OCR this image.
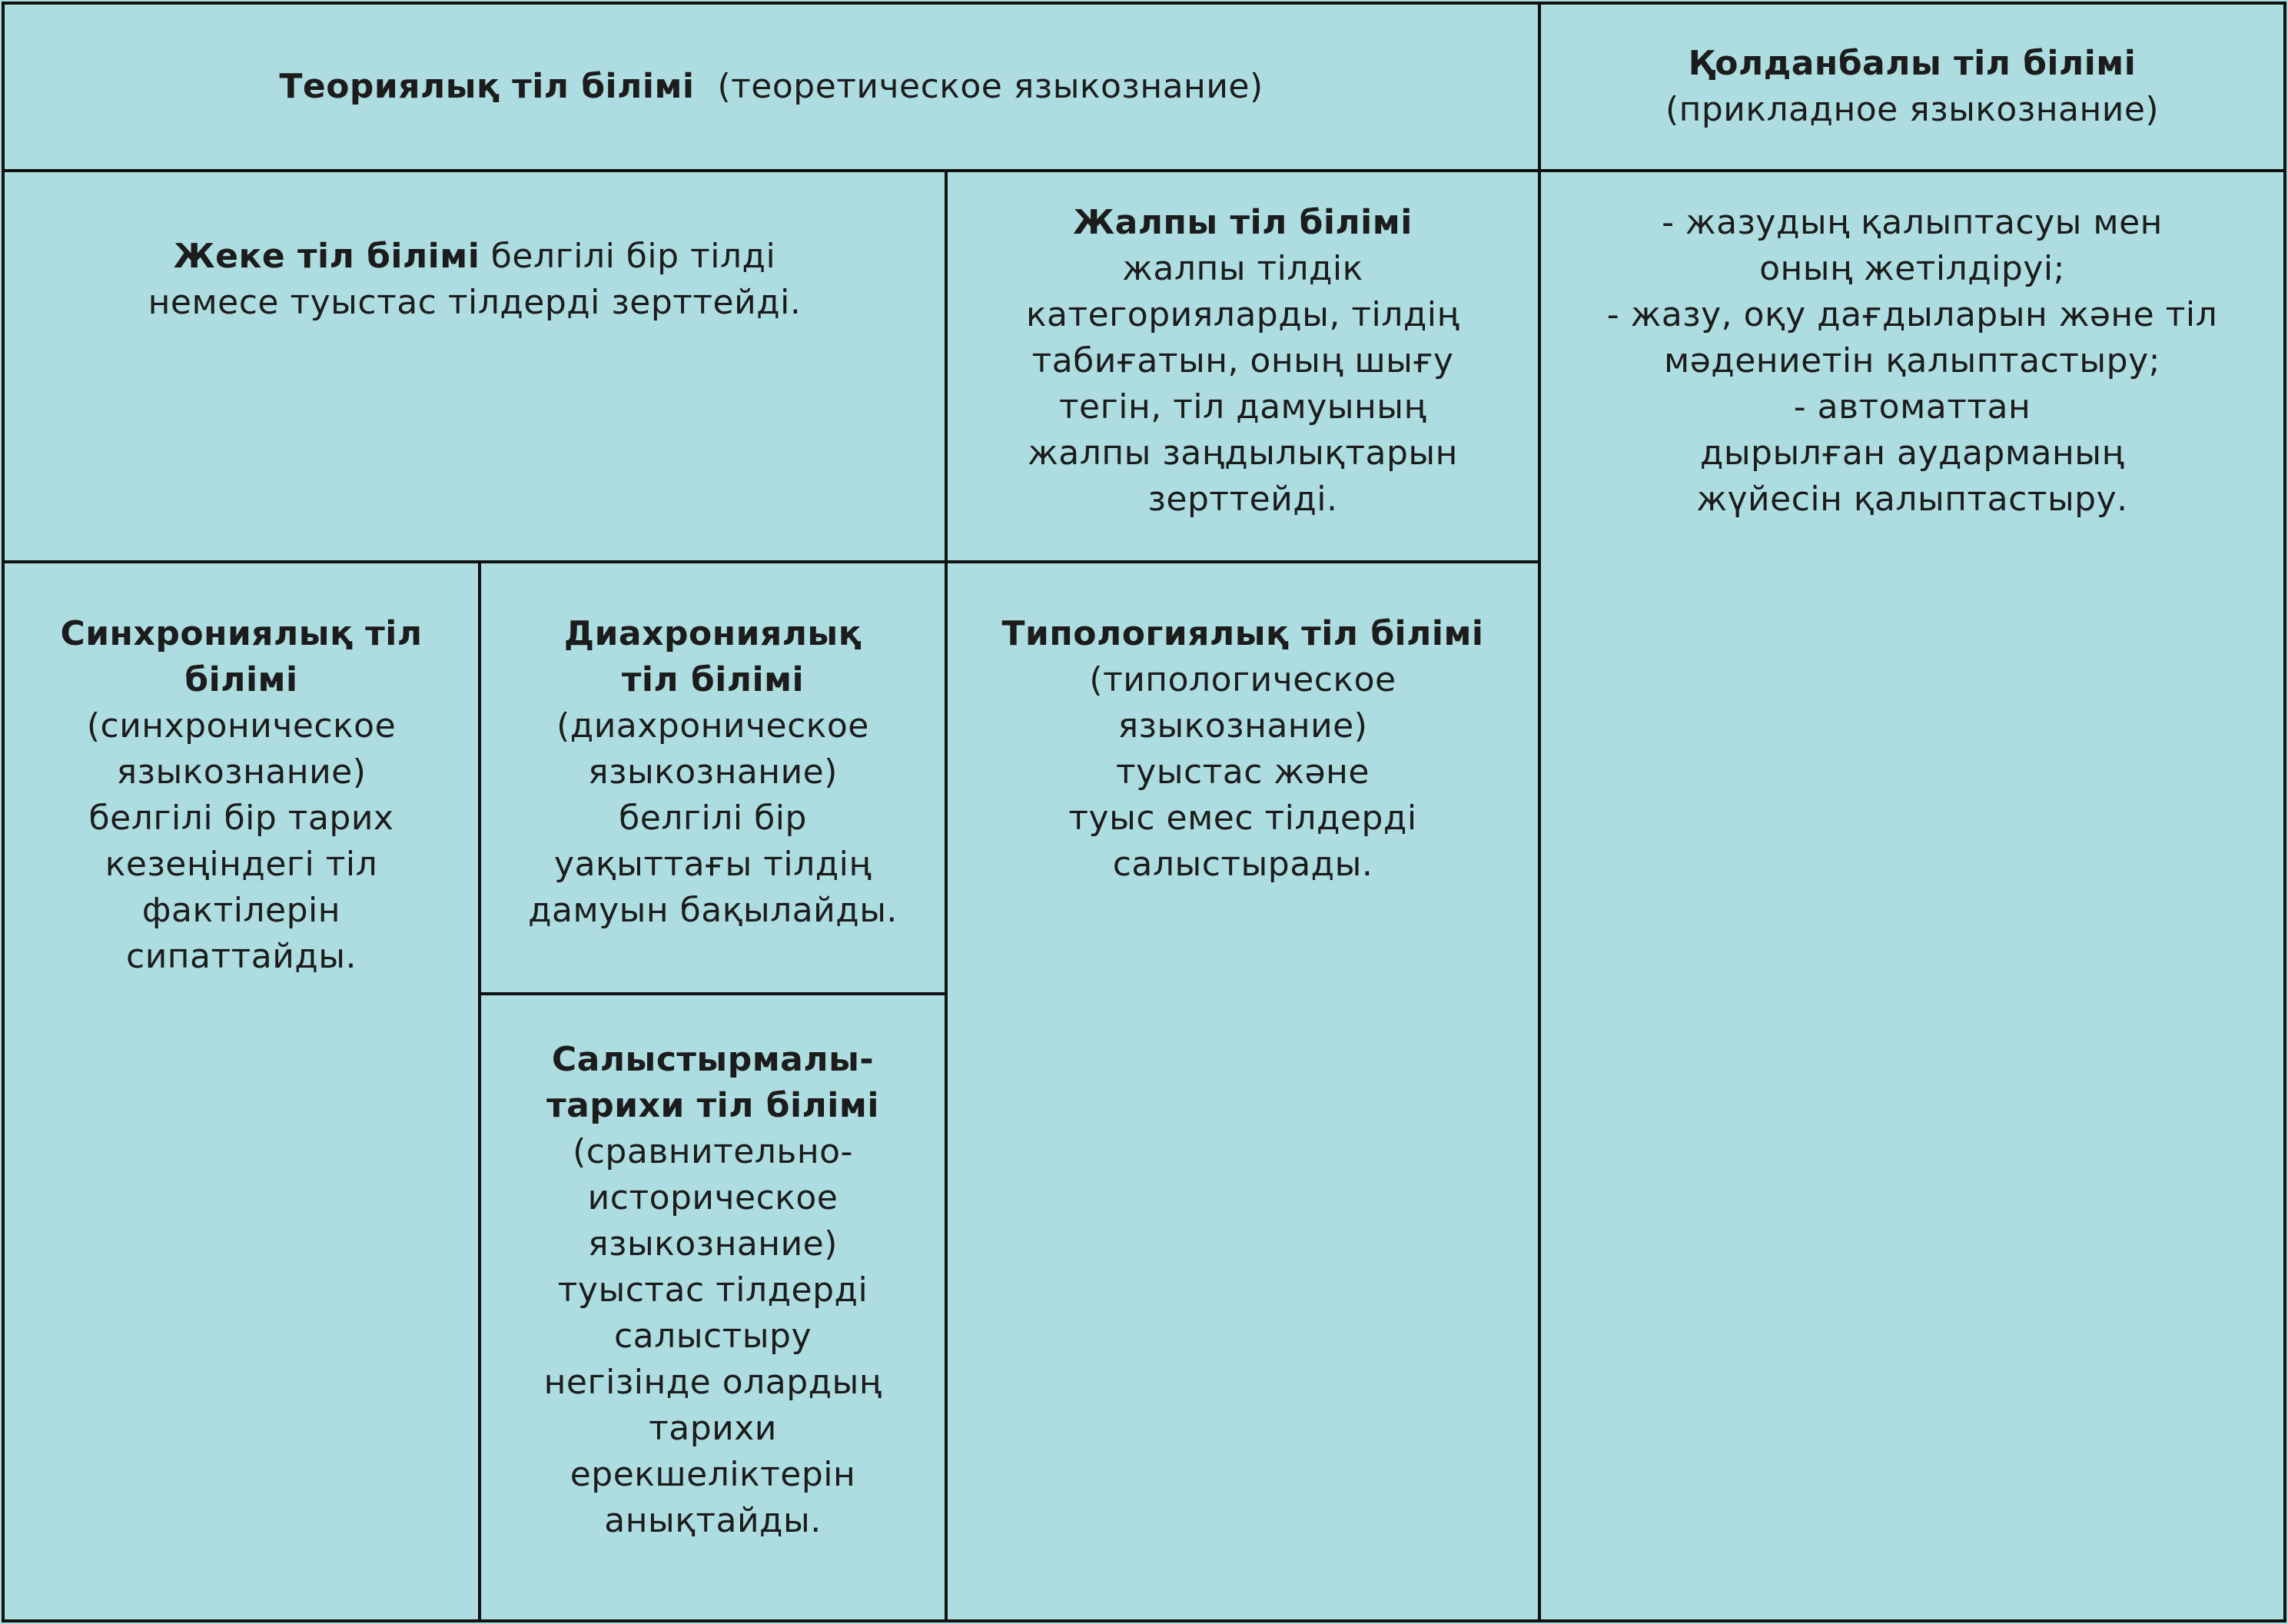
Теориялық тіл білімі (теоретическое языкознание)
Қолданбалы тіл білімі
(прикладное языкознание)
Жеке тіл білімі белгілі бір тілді
немесе туыстас тілдерді зерттейді.
Жалпы тіл білімі
жалпы тілдік
категорияларды, тілдің
табиғатын, оның шығу
тегін, тіл дамуының
жалпы заңдылықтарын
зерттейді.
- жазудың қалыптасуы мен
оның жетілдіруі;
- жазу, оқу дағдыларын және тіл
мәдениетін қалыптастыру;
- автоматтан
дырылған аударманың
жүйесін қалыптастыру.
Синхрониялық тіл
білімі
(синхроническое
языкознание)
белгілі бір тарих
кезеңіндегі тіл
фактілерін
сипаттайды.
Диахрониялық
тіл білімі
(диахроническое
языкознание)
белгілі бір
уақыттағы тілдің
дамуын бақылайды.
Салыстырмалы-
тарихи тіл білімі
(сравнительно-
историческое
языкознание)
туыстас тілдерді
салыстыру
негізінде олардың
тарихи
ерекшеліктерін
анықтайды.
Типологиялық тіл білімі
(типологическое
языкознание)
туыстас және
туыс емес тілдерді
салыстырады.
